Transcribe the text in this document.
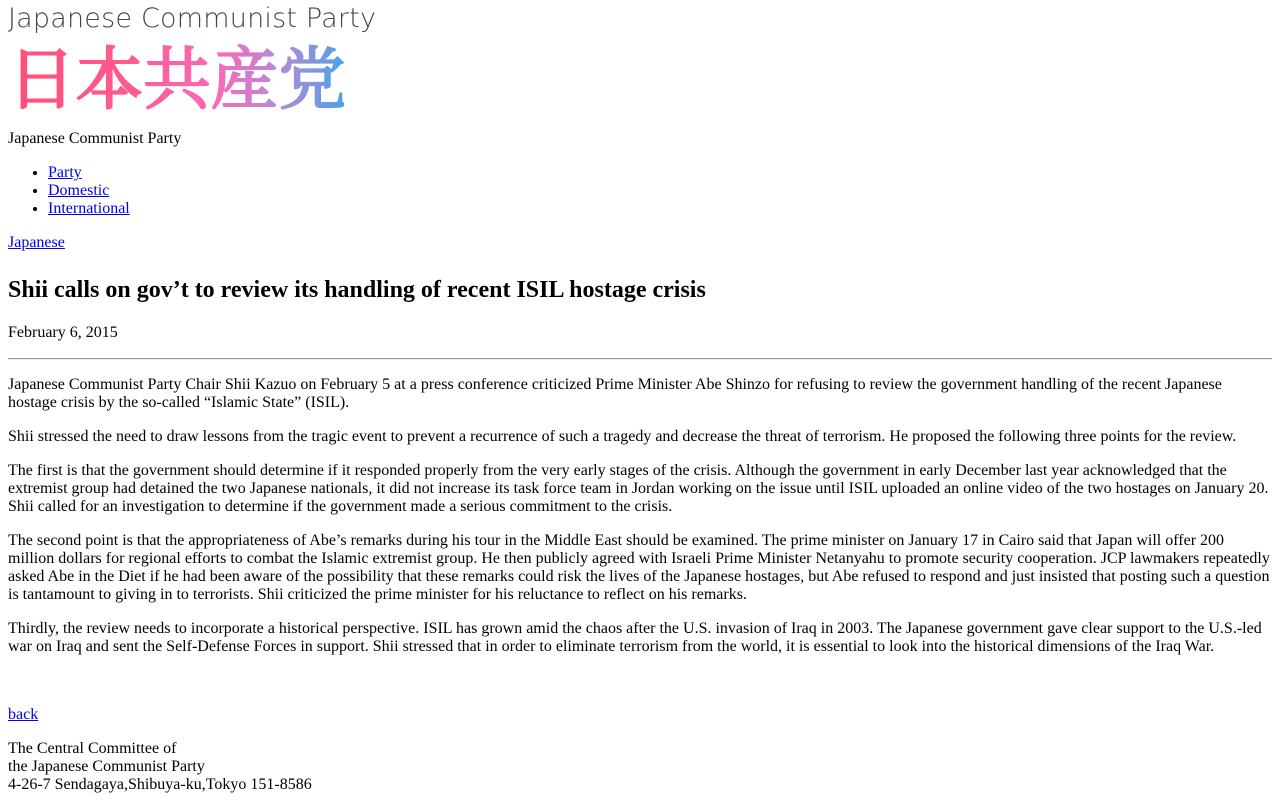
Japanese Communist Party
日本共産党
Japanese Communist Party
• Party
• Domestic
• International
Japanese
Shii calls on gov’t to review its handling of recent ISIL hostage crisis
February 6, 2015

Japanese Communist Party Chair Shii Kazuo on February 5 at a press conference criticized Prime Minister Abe Shinzo for refusing to review the government handling of the recent Japanese hostage crisis by the so-called “Islamic State” (ISIL).

Shii stressed the need to draw lessons from the tragic event to prevent a recurrence of such a tragedy and decrease the threat of terrorism. He proposed the following three points for the review.

The first is that the government should determine if it responded properly from the very early stages of the crisis. Although the government in early December last year acknowledged that the extremist group had detained the two Japanese nationals, it did not increase its task force team in Jordan working on the issue until ISIL uploaded an online video of the two hostages on January 20. Shii called for an investigation to determine if the government made a serious commitment to the crisis.

The second point is that the appropriateness of Abe’s remarks during his tour in the Middle East should be examined. The prime minister on January 17 in Cairo said that Japan will offer 200 million dollars for regional efforts to combat the Islamic extremist group. He then publicly agreed with Israeli Prime Minister Netanyahu to promote security cooperation. JCP lawmakers repeatedly asked Abe in the Diet if he had been aware of the possibility that these remarks could risk the lives of the Japanese hostages, but Abe refused to respond and just insisted that posting such a question is tantamount to giving in to terrorists. Shii criticized the prime minister for his reluctance to reflect on his remarks.

Thirdly, the review needs to incorporate a historical perspective. ISIL has grown amid the chaos after the U.S. invasion of Iraq in 2003. The Japanese government gave clear support to the U.S.-led war on Iraq and sent the Self-Defense Forces in support. Shii stressed that in order to eliminate terrorism from the world, it is essential to look into the historical dimensions of the Iraq War.

back
The Central Committee of
the Japanese Communist Party
4-26-7 Sendagaya,Shibuya-ku,Tokyo 151-8586
